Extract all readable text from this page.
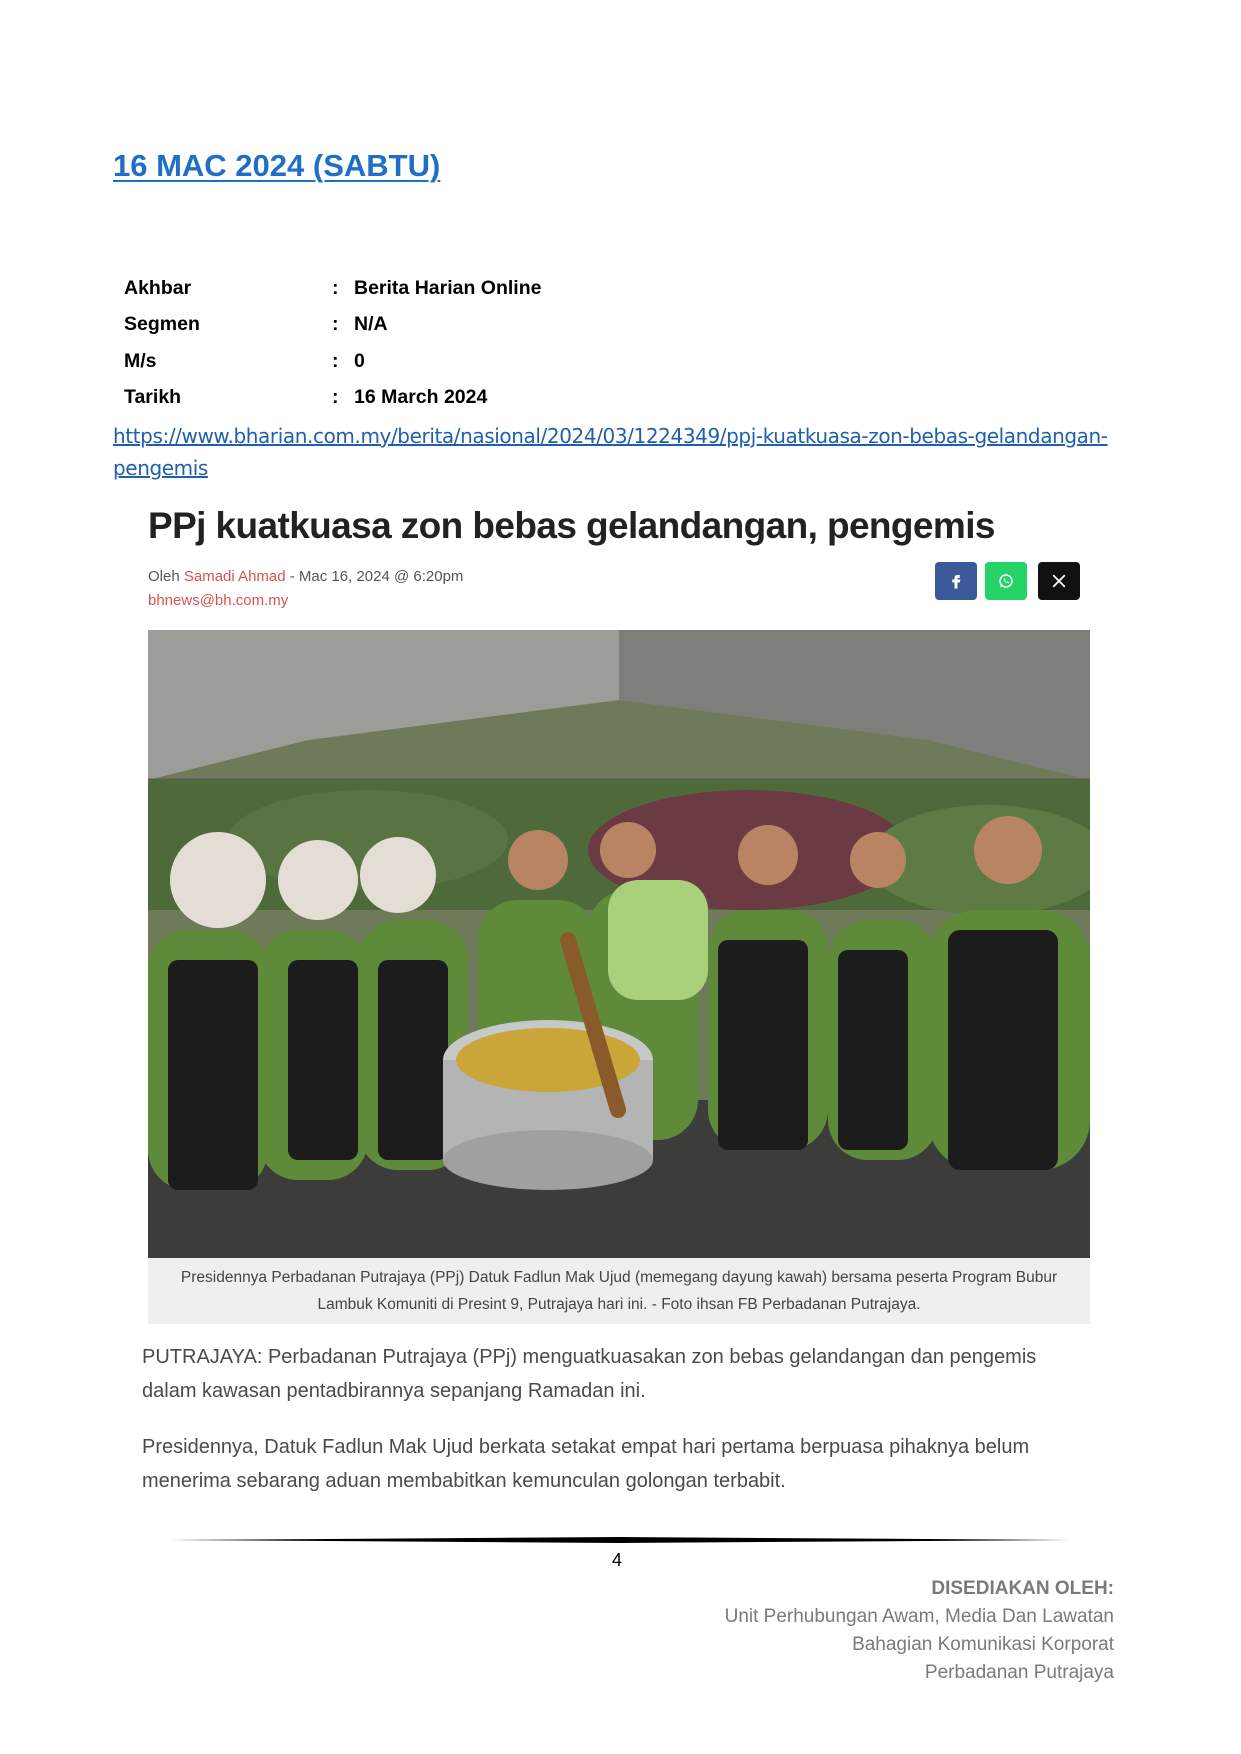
16 MAC 2024 (SABTU)
Akhbar	:	Berita Harian Online
Segmen	:	N/A
M/s	:	0
Tarikh	:	16 March 2024
https://www.bharian.com.my/berita/nasional/2024/03/1224349/ppj-kuatkuasa-zon-bebas-gelandangan-pengemis
PPj kuatkuasa zon bebas gelandangan, pengemis
Oleh Samadi Ahmad - Mac 16, 2024 @ 6:20pm
bhnews@bh.com.my
Presidennya Perbadanan Putrajaya (PPj) Datuk Fadlun Mak Ujud (memegang dayung kawah) bersama peserta Program Bubur Lambuk Komuniti di Presint 9, Putrajaya hari ini. - Foto ihsan FB Perbadanan Putrajaya.
PUTRAJAYA: Perbadanan Putrajaya (PPj) menguatkuasakan zon bebas gelandangan dan pengemis dalam kawasan pentadbirannya sepanjang Ramadan ini.
Presidennya, Datuk Fadlun Mak Ujud berkata setakat empat hari pertama berpuasa pihaknya belum menerima sebarang aduan membabitkan kemunculan golongan terbabit.
4
DISEDIAKAN OLEH:
Unit Perhubungan Awam, Media Dan Lawatan
Bahagian Komunikasi Korporat
Perbadanan Putrajaya
